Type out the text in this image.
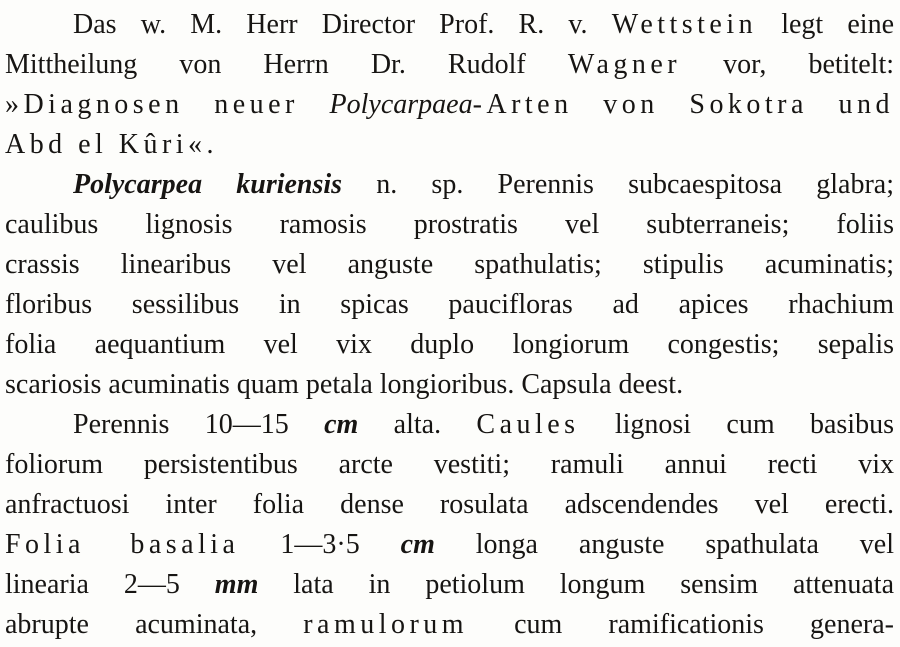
Das w. M. Herr Director Prof. R. v. Wettstein legt eine
Mittheilung von Herrn Dr. Rudolf Wagner vor, betitelt:
»Diagnosen neuer Polycarpaea-Arten von Sokotra und
Abd el Kûri«.
Polycarpea kuriensis n. sp. Perennis subcaespitosa glabra;
caulibus lignosis ramosis prostratis vel subterraneis; foliis
crassis linearibus vel anguste spathulatis; stipulis acuminatis;
floribus sessilibus in spicas paucifloras ad apices rhachium
folia aequantium vel vix duplo longiorum congestis; sepalis
scariosis acuminatis quam petala longioribus. Capsula deest.
Perennis 10—15 cm alta. Caules lignosi cum basibus
foliorum persistentibus arcte vestiti; ramuli annui recti vix
anfractuosi inter folia dense rosulata adscendendes vel erecti.
Folia basalia 1—3·5 cm longa anguste spathulata vel
linearia 2—5 mm lata in petiolum longum sensim attenuata
abrupte acuminata, ramulorum cum ramificationis genera-
